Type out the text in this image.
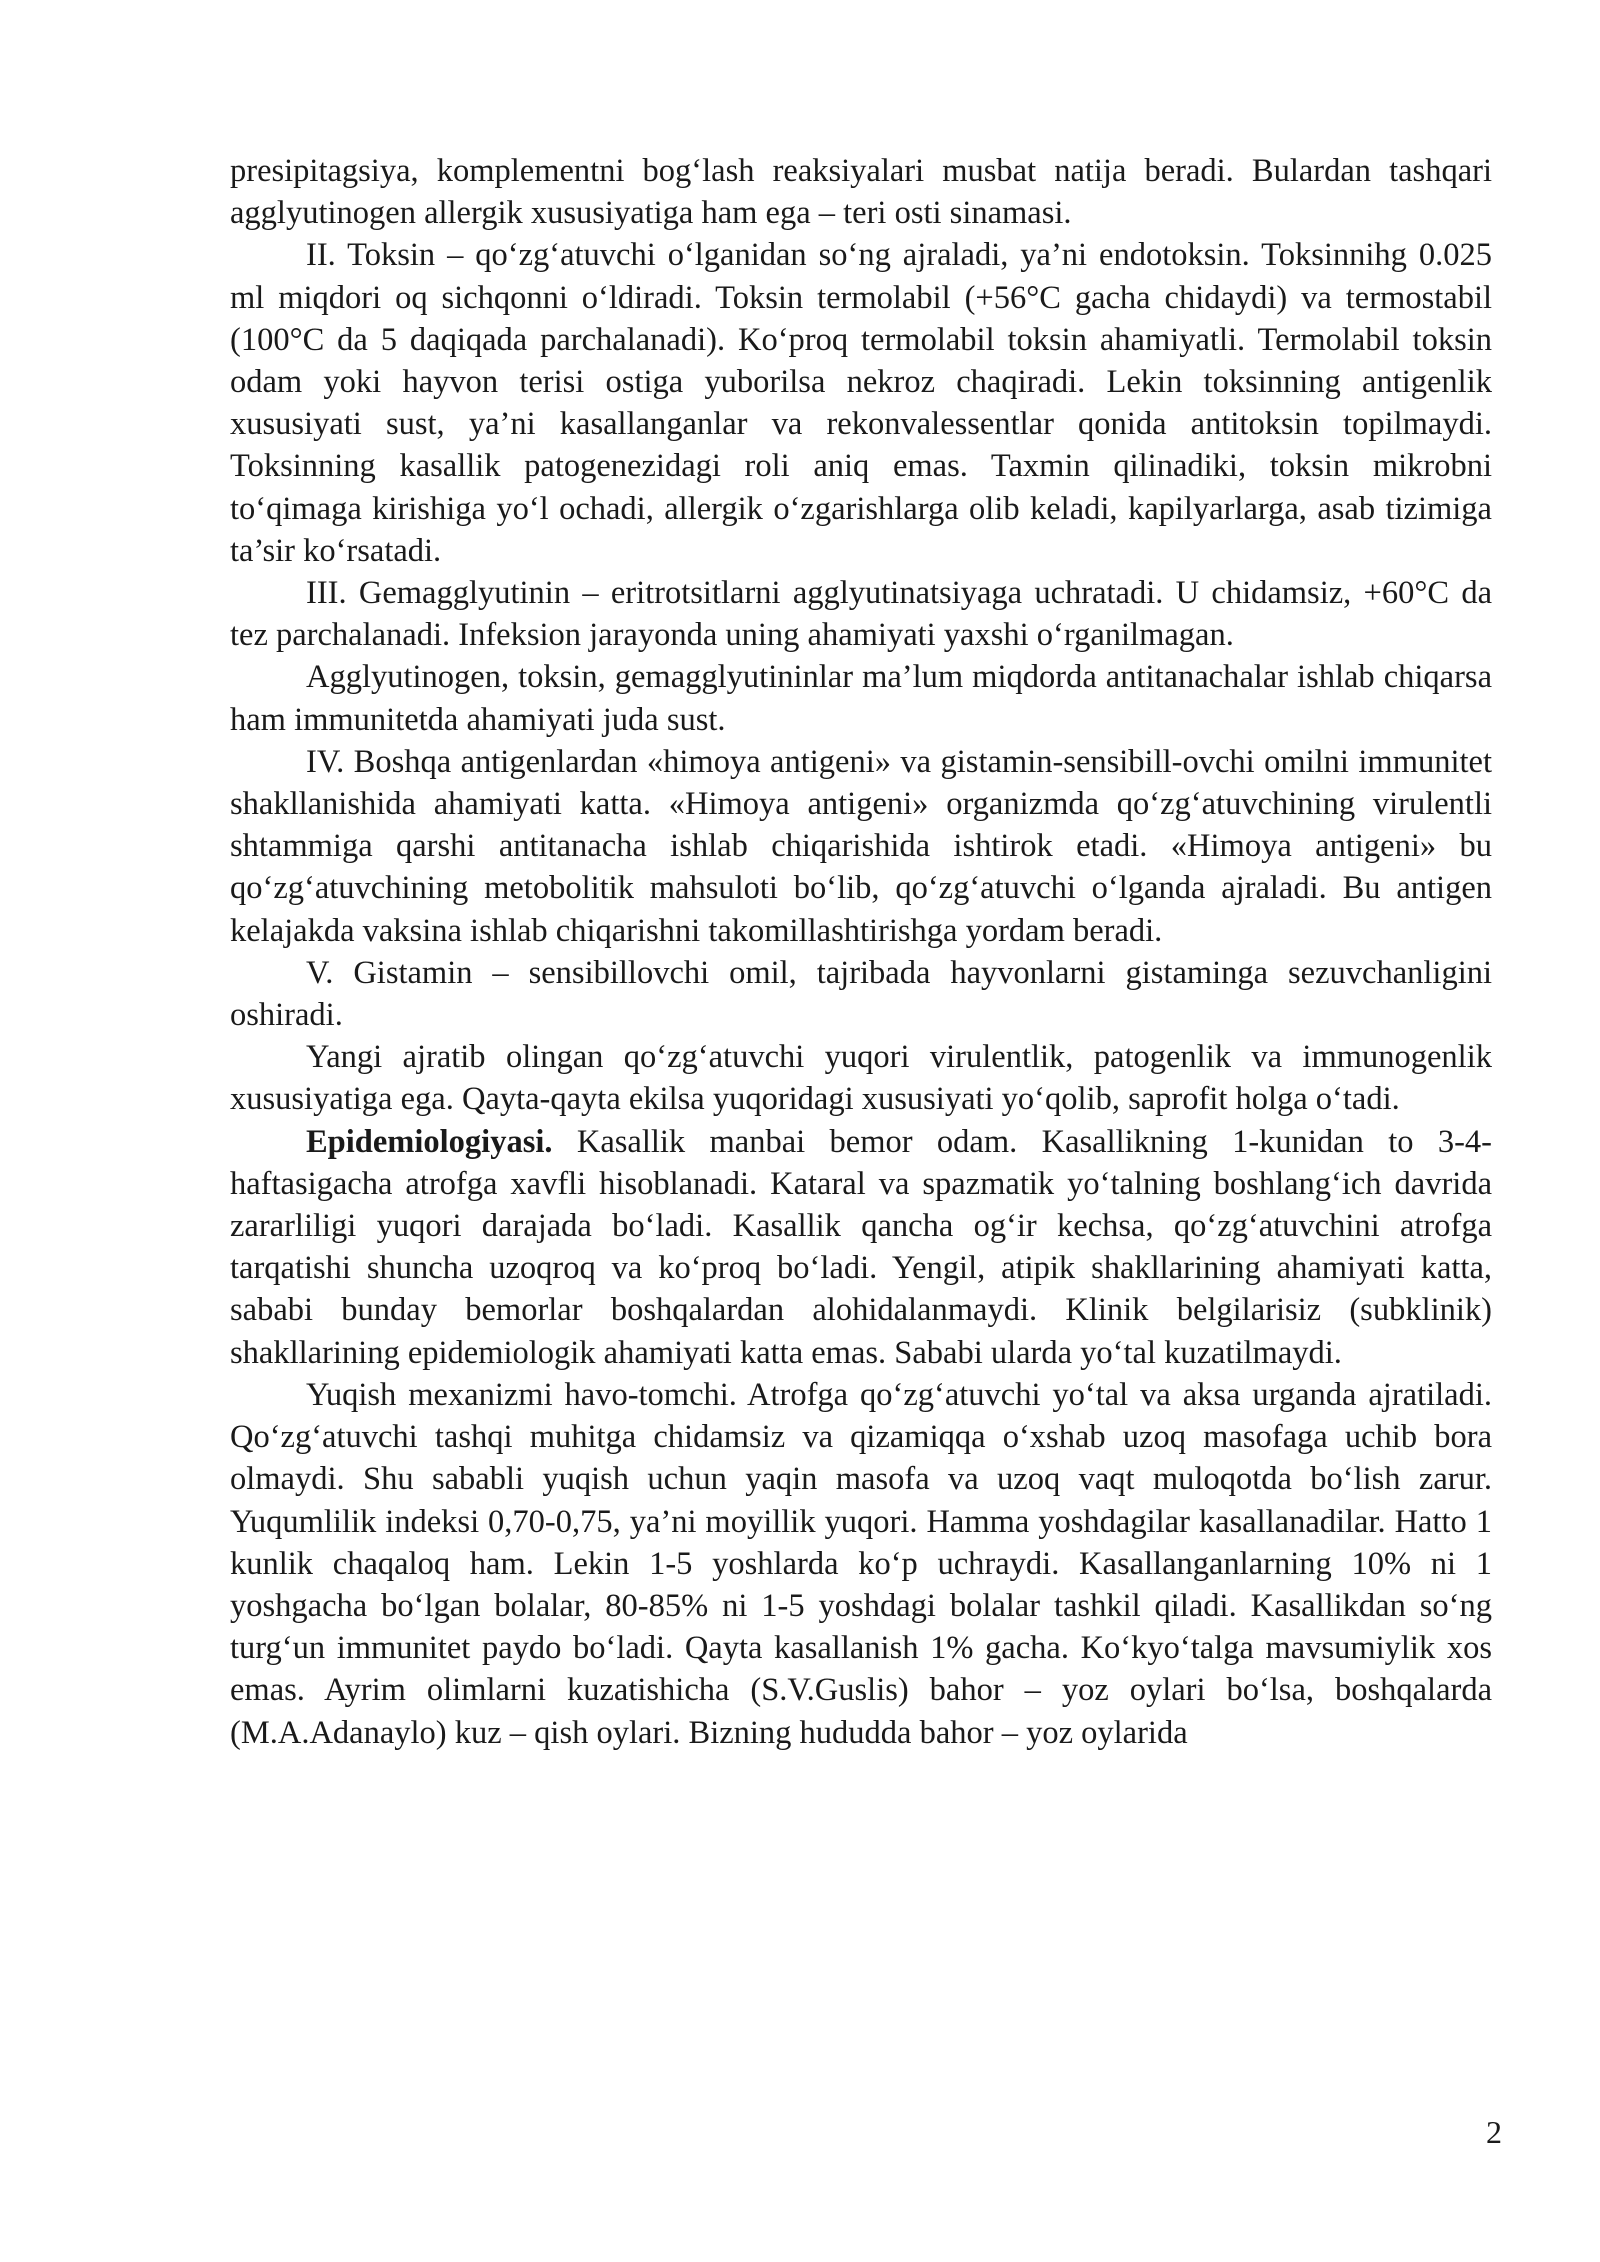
presipitagsiya, komplementni bog‘lash reaksiyalari musbat natija beradi. Bulardan tashqari agglyutinogen allergik xususiyatiga ham ega – teri osti sinamasi.

II. Toksin – qo‘zg‘atuvchi o‘lganidan so‘ng ajraladi, ya’ni endotoksin. Toksinnihg 0.025 ml miqdori oq sichqonni o‘ldiradi. Toksin termolabil (+56°C gacha chidaydi) va termostabil (100°C da 5 daqiqada parchalanadi). Ko‘proq termolabil toksin ahamiyatli. Termolabil toksin odam yoki hayvon terisi ostiga yuborilsa nekroz chaqiradi. Lekin toksinning antigenlik xususiyati sust, ya’ni kasallanganlar va rekonvalessentlar qonida antitoksin topilmaydi. Toksinning kasallik patogenezidagi roli aniq emas. Taxmin qilinadiki, toksin mikrobni to‘qimaga kirishiga yo‘l ochadi, allergik o‘zgarishlarga olib keladi, kapilyarlarga, asab tizimiga ta’sir ko‘rsatadi.

III. Gemagglyutinin – eritrotsitlarni agglyutinatsiyaga uchratadi. U chidamsiz, +60°C da tez parchalanadi. Infeksion jarayonda uning ahamiyati yaxshi o‘rganilmagan.

Agglyutinogen, toksin, gemagglyutininlar ma’lum miqdorda antitanachalar ishlab chiqarsa ham immunitetda ahamiyati juda sust.

IV. Boshqa antigenlardan «himoya antigeni» va gistamin-sensibill-ovchi omilni immunitet shakllanishida ahamiyati katta. «Himoya antigeni» organizmda qo‘zg‘atuvchining virulentli shtammiga qarshi antitanacha ishlab chiqarishida ishtirok etadi. «Himoya antigeni» bu qo‘zg‘atuvchining metobolitik mahsuloti bo‘lib, qo‘zg‘atuvchi o‘lganda ajraladi. Bu antigen kelajakda vaksina ishlab chiqarishni takomillashtirishga yordam beradi.

V. Gistamin – sensibillovchi omil, tajribada hayvonlarni gistaminga sezuvchanligini oshiradi.

Yangi ajratib olingan qo‘zg‘atuvchi yuqori virulentlik, patogenlik va immunogenlik xususiyatiga ega. Qayta-qayta ekilsa yuqoridagi xususiyati yo‘qolib, saprofit holga o‘tadi.

Epidemiologiyasi. Kasallik manbai bemor odam. Kasallikning 1-kunidan to 3-4-haftasigacha atrofga xavfli hisoblanadi. Kataral va spazmatik yo‘talning boshlang‘ich davrida zararliligi yuqori darajada bo‘ladi. Kasallik qancha og‘ir kechsa, qo‘zg‘atuvchini atrofga tarqatishi shuncha uzoqroq va ko‘proq bo‘ladi. Yengil, atipik shakllarining ahamiyati katta, sababi bunday bemorlar boshqalardan alohidalanmaydi. Klinik belgilarisiz (subklinik) shakllarining epidemiologik ahamiyati katta emas. Sababi ularda yo‘tal kuzatilmaydi.

Yuqish mexanizmi havo-tomchi. Atrofga qo‘zg‘atuvchi yo‘tal va aksa urganda ajratiladi. Qo‘zg‘atuvchi tashqi muhitga chidamsiz va qizamiqqa o‘xshab uzoq masofaga uchib bora olmaydi. Shu sababli yuqish uchun yaqin masofa va uzoq vaqt muloqotda bo‘lish zarur. Yuqumlilik indeksi 0,70-0,75, ya’ni moyillik yuqori. Hamma yoshdagilar kasallanadilar. Hatto 1 kunlik chaqaloq ham. Lekin 1-5 yoshlarda ko‘p uchraydi. Kasallanganlarning 10% ni 1 yoshgacha bo‘lgan bolalar, 80-85% ni 1-5 yoshdagi bolalar tashkil qiladi. Kasallikdan so‘ng turg‘un immunitet paydo bo‘ladi. Qayta kasallanish 1% gacha. Ko‘kyo‘talga mavsumiylik xos emas. Ayrim olimlarni kuzatishicha (S.V.Guslis) bahor – yoz oylari bo‘lsa, boshqalarda (M.A.Adanaylo) kuz – qish oylari. Bizning hududda bahor – yoz oylarida

2
